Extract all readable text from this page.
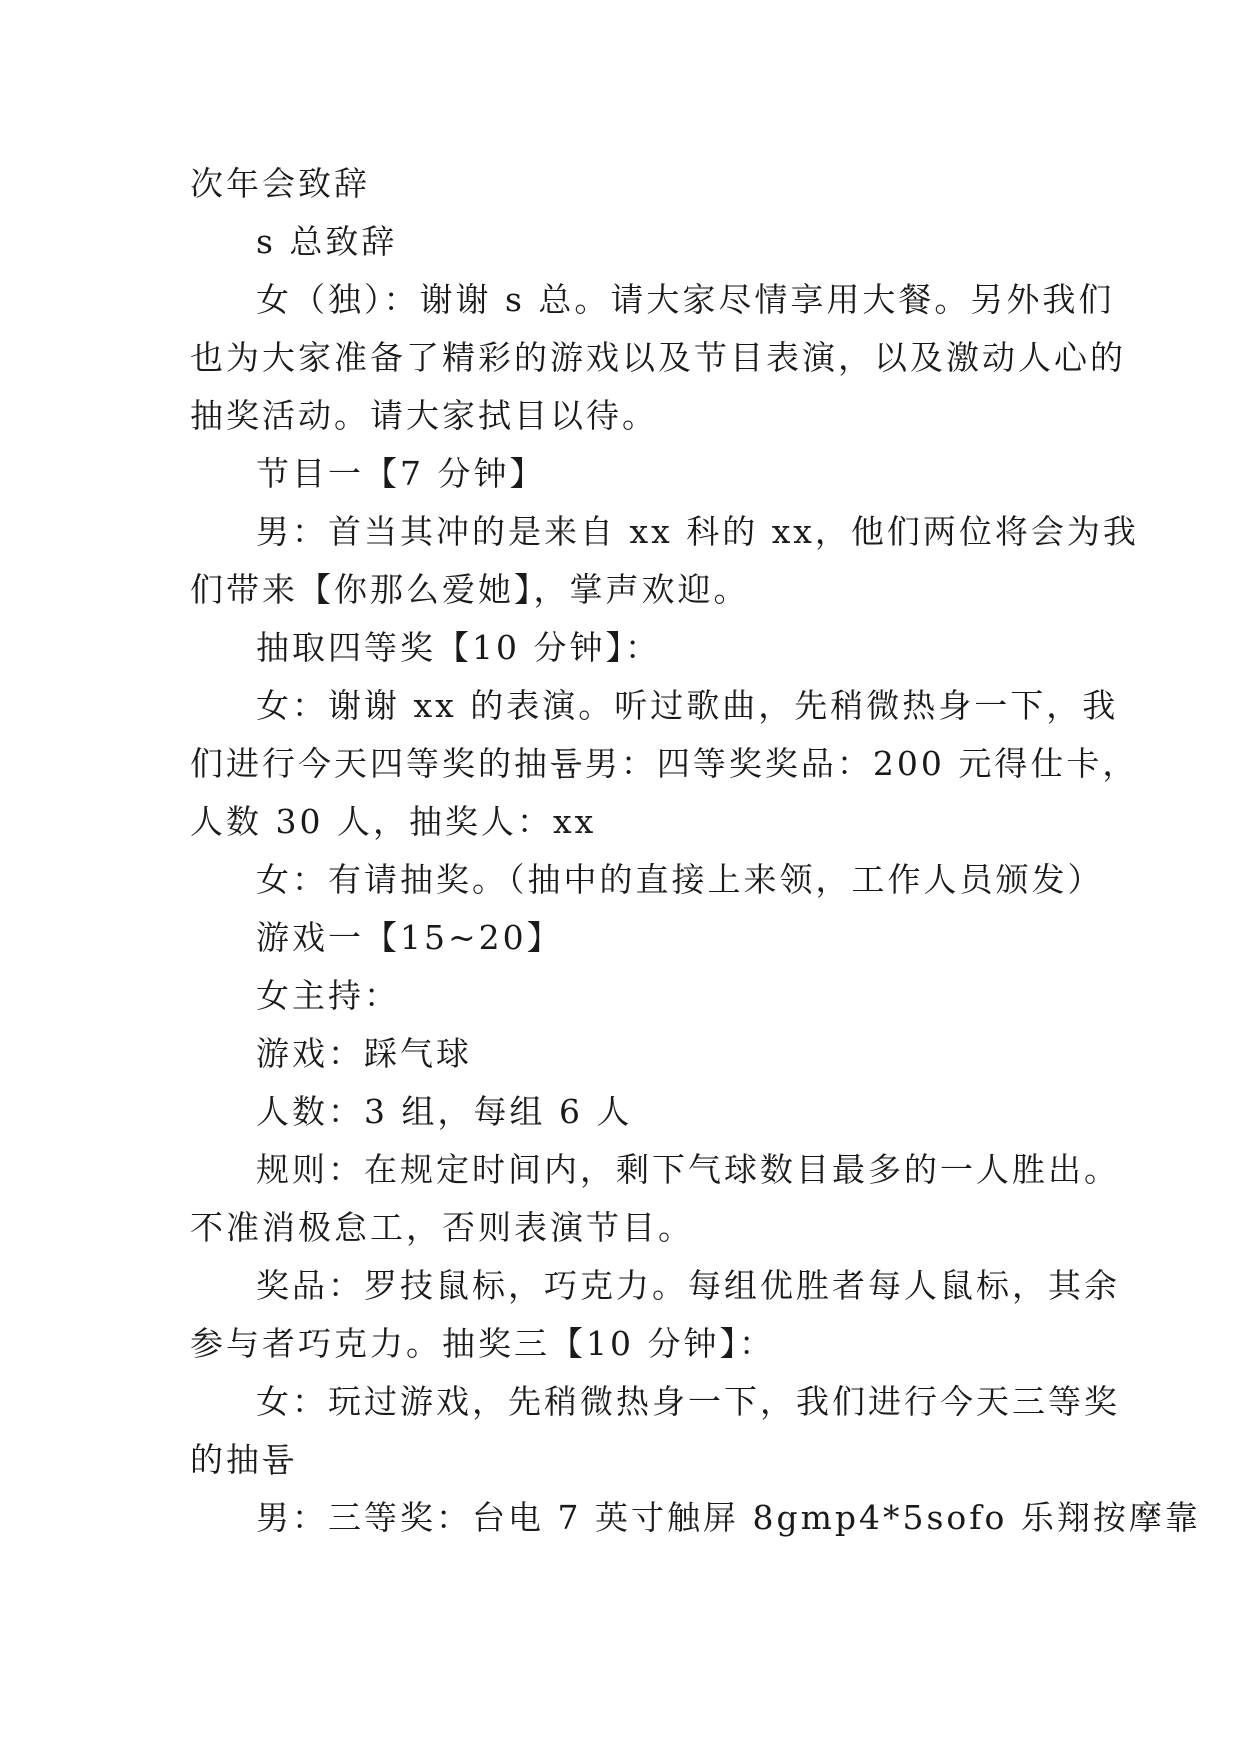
次年会致辞
s 总致辞
女（独）：谢谢 s 总。请大家尽情享用大餐。另外我们
也为大家准备了精彩的游戏以及节目表演，以及激动人心的
抽奖活动。请大家拭目以待。
节目一【7 分钟】
男：首当其冲的是来自 xx 科的 xx，他们两位将会为我
们带来【你那么爱她】，掌声欢迎。
抽取四等奖【10 分钟】：
女：谢谢 xx 的表演。听过歌曲，先稍微热身一下，我
们进行今天四等奖的抽튬男：四等奖奖品：200 元得仕卡，
人数 30 人，抽奖人：xx
女：有请抽奖。（抽中的直接上来领，工作人员颁发）
游戏一【15~20】
女主持：
游戏：踩气球
人数：3 组，每组 6 人
规则：在规定时间内，剩下气球数目最多的一人胜出。
不准消极怠工，否则表演节目。
奖品：罗技鼠标，巧克力。每组优胜者每人鼠标，其余
参与者巧克力。抽奖三【10 分钟】：
女：玩过游戏，先稍微热身一下，我们进行今天三等奖
的抽튬
男：三等奖：台电 7 英寸触屏 8gmp4*5sofo 乐翔按摩靠
